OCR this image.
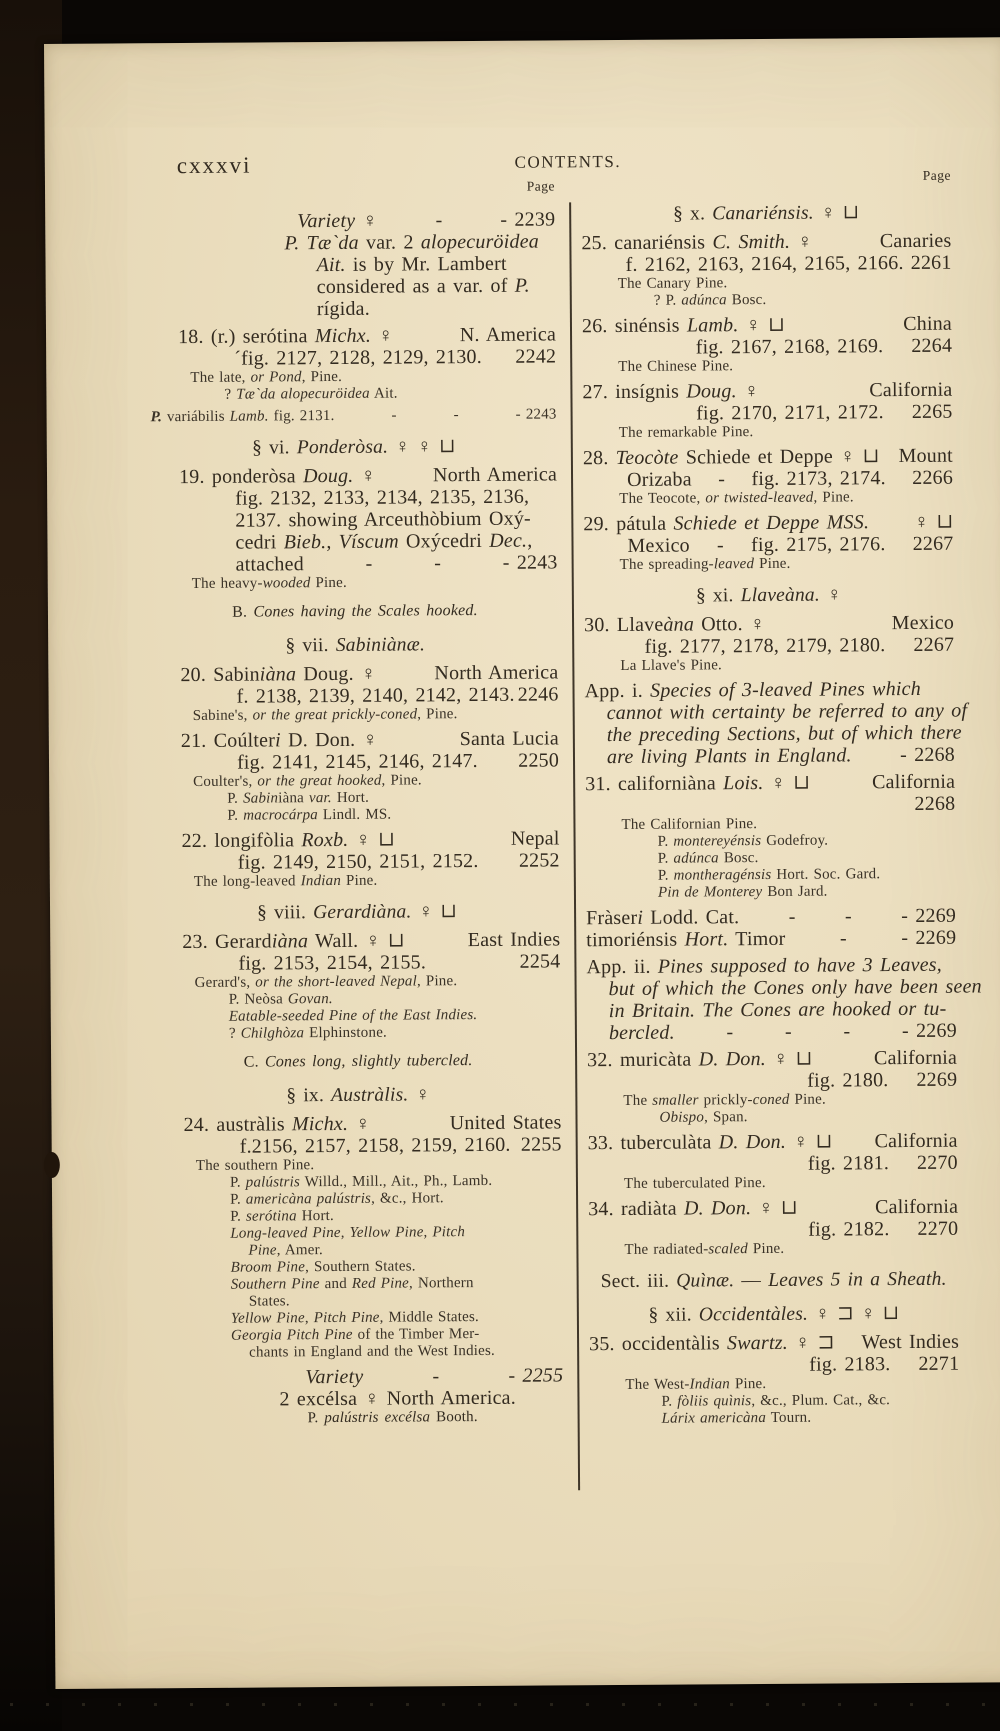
cxxxvi	CONTENTS.
Page
Variety ♀	-	- 2239
P. Tæ`da var. 2 alopecuröidea
Ait. is by Mr. Lambert
considered as a var. of P.
rígida.
18. (r.) serótina Michx. ♀	N. America
´fig. 2127, 2128, 2129, 2130. 2242
The late, or Pond, Pine.
? Tæ`da alopecuröidea Ait.
P. variábilis Lamb. fig. 2131.	-	-	- 2243
§ vi. Ponderòsa. ♀ ♀ ⊔
19. ponderòsa Doug. ♀	North America
fig. 2132, 2133, 2134, 2135, 2136,
2137. showing Arceuthòbium Oxý-
cedri Bieb., Víscum Oxýcedri Dec.,
attached	-	-	- 2243
The heavy-wooded Pine.
B. Cones having the Scales hooked.
§ vii. Sabiniànæ.
20. Sabiniàna Doug. ♀	North America
f. 2138, 2139, 2140, 2142, 2143. 2246
Sabine's, or the great prickly-coned, Pine.
21. Coúlteri D. Don. ♀	Santa Lucia
fig. 2141, 2145, 2146, 2147. 2250
Coulter's, or the great hooked, Pine.
P. Sabiniàna var. Hort.
P. macrocárpa Lindl. MS.
22. longifòlia Roxb. ♀ ⊔	Nepal
fig. 2149, 2150, 2151, 2152. 2252
The long-leaved Indian Pine.
§ viii. Gerardiàna. ♀ ⊔
23. Gerardiàna Wall. ♀ ⊔	East Indies
fig. 2153, 2154, 2155.	2254
Gerard's, or the short-leaved Nepal, Pine.
P. Neòsa Govan.
Eatable-seeded Pine of the East Indies.
? Chilghòza Elphinstone.
C. Cones long, slightly tubercled.
§ ix. Austràlis. ♀
24. austràlis Michx. ♀	United States
f.2156, 2157, 2158, 2159, 2160. 2255
The southern Pine.
P. palústris Willd., Mill., Ait., Ph., Lamb.
P. americàna palústris, &c., Hort.
P. serótina Hort.
Long-leaved Pine, Yellow Pine, Pitch
Pine, Amer.
Broom Pine, Southern States.
Southern Pine and Red Pine, Northern
States.
Yellow Pine, Pitch Pine, Middle States.
Georgia Pitch Pine of the Timber Mer-
chants in England and the West Indies.
Variety	-	- 2255
2 excélsa ♀ North America.
P. palústris excélsa Booth.
Page
§ x. Canariénsis. ♀ ⊔
25. canariénsis C. Smith. ♀	Canaries
f. 2162, 2163, 2164, 2165, 2166. 2261
The Canary Pine.
? P. adúnca Bosc.
26. sinénsis Lamb. ♀ ⊔	China
fig. 2167, 2168, 2169. 2264
The Chinese Pine.
27. insígnis Doug. ♀	California
fig. 2170, 2171, 2172. 2265
The remarkable Pine.
28. Teocòte Schiede et Deppe ♀ ⊔ Mount
Orizaba - fig. 2173, 2174. 2266
The Teocote, or twisted-leaved, Pine.
29. pátula Schiede et Deppe MSS. ♀ ⊔
Mexico - fig. 2175, 2176. 2267
The spreading-leaved Pine.
§ xi. Llaveàna. ♀
30. Llaveàna Otto. ♀	Mexico
fig. 2177, 2178, 2179, 2180. 2267
La Llave's Pine.
App. i. Species of 3-leaved Pines which
cannot with certainty be referred to any of
the preceding Sections, but of which there
are living Plants in England. - 2268
31. californiàna Lois. ♀ ⊔	California
2268
The Californian Pine.
P. montereyénsis Godefroy.
P. adúnca Bosc.
P. montheragénsis Hort. Soc. Gard.
Pin de Monterey Bon Jard.
Fràseri Lodd. Cat. - - - 2269
timoriénsis Hort. Timor	-	- 2269
App. ii. Pines supposed to have 3 Leaves,
but of which the Cones only have been seen
in Britain. The Cones are hooked or tu-
bercled.	-	-	-	- 2269
32. muricàta D. Don. ♀ ⊔	California
fig. 2180. 2269
The smaller prickly-coned Pine.
Obispo, Span.
33. tuberculàta D. Don. ♀ ⊔ California
fig. 2181. 2270
The tuberculated Pine.
34. radiàta D. Don. ♀ ⊔	California
fig. 2182. 2270
The radiated-scaled Pine.
Sect. iii. Quìnæ. — Leaves 5 in a Sheath.
§ xii. Occidentàles. ♀ ⊐ ♀ ⊔
35. occidentàlis Swartz. ♀ ⊐ West Indies
fig. 2183. 2271
The West-Indian Pine.
P. fòliis quìnis, &c., Plum. Cat., &c.
Lárix americàna Tourn.
